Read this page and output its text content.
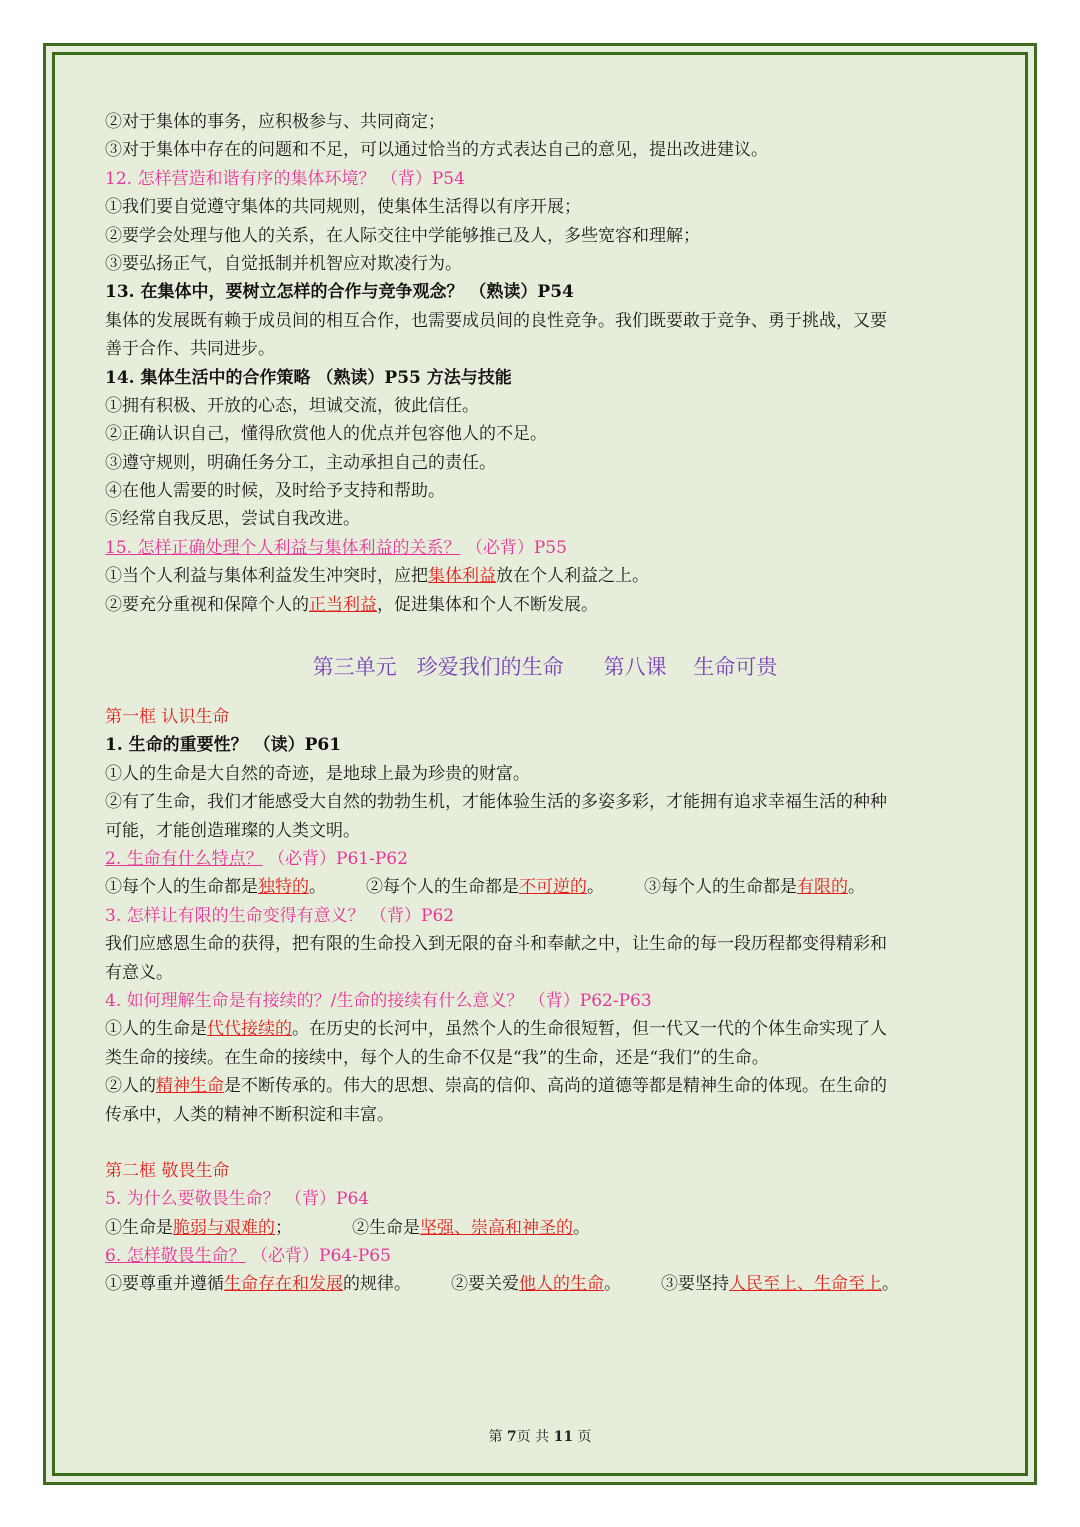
②对于集体的事务，应积极参与、共同商定；
③对于集体中存在的问题和不足，可以通过恰当的方式表达自己的意见，提出改进建议。
12. 怎样营造和谐有序的集体环境？ （背）P54
①我们要自觉遵守集体的共同规则，使集体生活得以有序开展；
②要学会处理与他人的关系，在人际交往中学能够推己及人，多些宽容和理解；
③要弘扬正气，自觉抵制并机智应对欺凌行为。
13. 在集体中，要树立怎样的合作与竞争观念？ （熟读）P54
集体的发展既有赖于成员间的相互合作，也需要成员间的良性竞争。我们既要敢于竞争、勇于挑战，又要
善于合作、共同进步。
14. 集体生活中的合作策略 （熟读）P55 方法与技能
①拥有积极、开放的心态，坦诚交流，彼此信任。
②正确认识自己，懂得欣赏他人的优点并包容他人的不足。
③遵守规则，明确任务分工，主动承担自己的责任。
④在他人需要的时候，及时给予支持和帮助。
⑤经常自我反思，尝试自我改进。
15. 怎样正确处理个人利益与集体利益的关系？ （必背）P55
①当个人利益与集体利益发生冲突时，应把集体利益放在个人利益之上。
②要充分重视和保障个人的正当利益，促进集体和个人不断发展。
第三单元   珍爱我们的生命      第八课    生命可贵
第一框 认识生命
1. 生命的重要性？ （读）P61
①人的生命是大自然的奇迹，是地球上最为珍贵的财富。
②有了生命，我们才能感受大自然的勃勃生机，才能体验生活的多姿多彩，才能拥有追求幸福生活的种种
可能，才能创造璀璨的人类文明。
2. 生命有什么特点？ （必背）P61-P62
①每个人的生命都是独特的。 ②每个人的生命都是不可逆的。 ③每个人的生命都是有限的。
3. 怎样让有限的生命变得有意义？ （背）P62
我们应感恩生命的获得，把有限的生命投入到无限的奋斗和奉献之中，让生命的每一段历程都变得精彩和
有意义。
4. 如何理解生命是有接续的？/生命的接续有什么意义？ （背）P62-P63
①人的生命是代代接续的。在历史的长河中，虽然个人的生命很短暂，但一代又一代的个体生命实现了人
类生命的接续。在生命的接续中，每个人的生命不仅是“我”的生命，还是“我们”的生命。
②人的精神生命是不断传承的。伟大的思想、崇高的信仰、高尚的道德等都是精神生命的体现。在生命的
传承中，人类的精神不断积淀和丰富。
第二框 敬畏生命
5. 为什么要敬畏生命？ （背）P64
①生命是脆弱与艰难的；	②生命是坚强、崇高和神圣的。
6. 怎样敬畏生命？ （必背）P64-P65
①要尊重并遵循生命存在和发展的规律。 ②要关爱他人的生命。 ③要坚持人民至上、生命至上。
第 7页 共 11 页
